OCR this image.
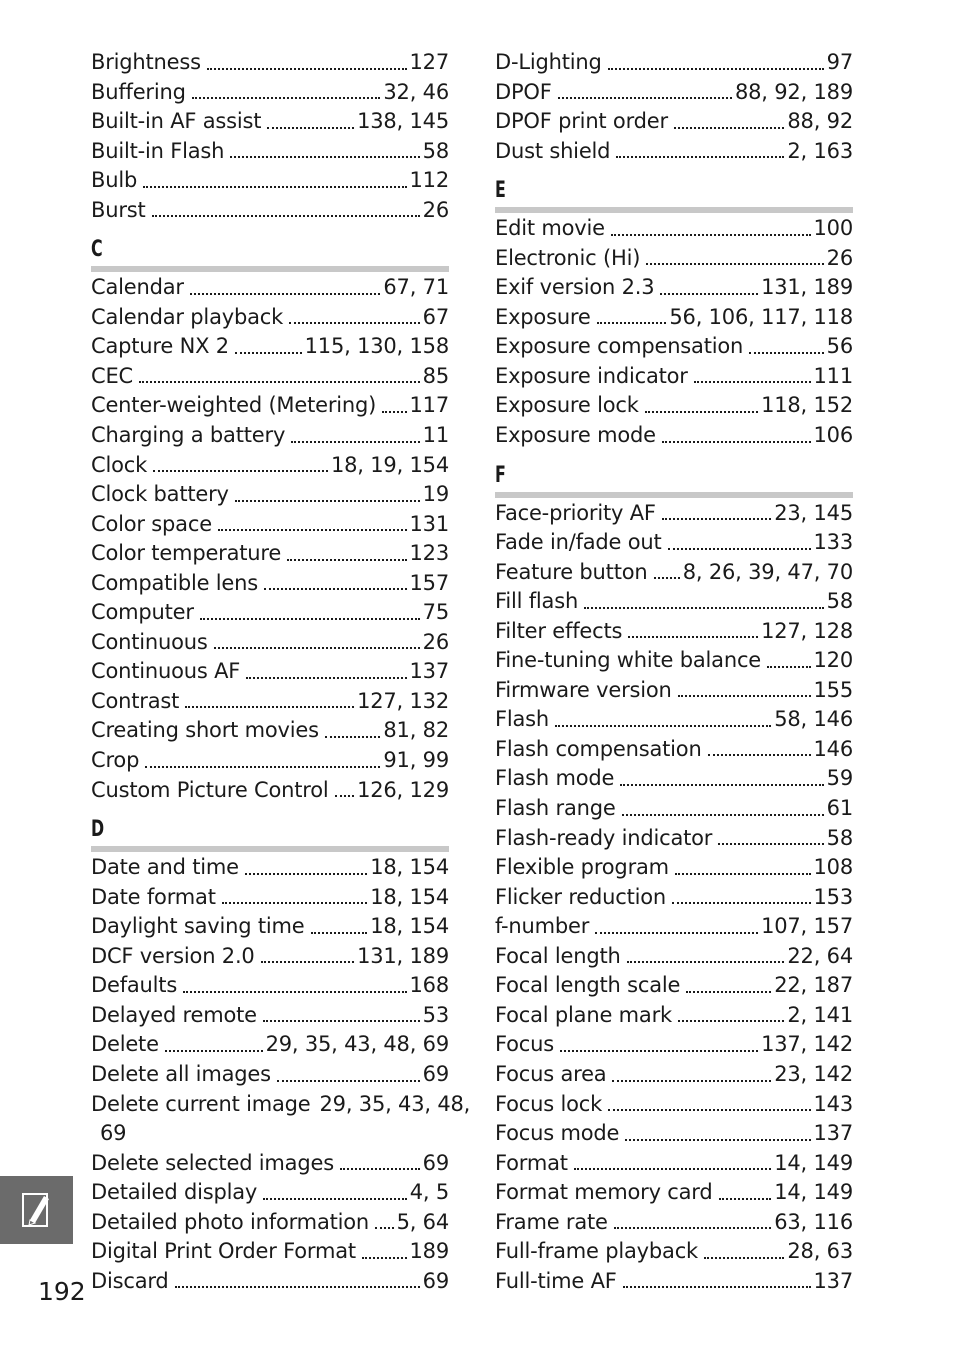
Brightness	127
Buffering	32, 46
Built-in AF assist	138, 145
Built-in Flash	58
Bulb	112
Burst	26
C
Calendar	67, 71
Calendar playback	67
Capture NX 2	115, 130, 158
CEC	85
Center-weighted (Metering) 117
Charging a battery	11
Clock	18, 19, 154
Clock battery	19
Color space	131
Color temperature	123
Compatible lens	157
Computer	75
Continuous	26
Continuous AF	137
Contrast	127, 132
Creating short movies	81, 82
Crop	91, 99
Custom Picture Control 126, 129
D
Date and time	18, 154
Date format	18, 154
Daylight saving time	18, 154
DCF version 2.0	131, 189
Defaults	168
Delayed remote	53
Delete	29, 35, 43, 48, 69
Delete all images	69
Delete current image 29, 35, 43, 48,
69
Delete selected images	69
Detailed display	4, 5
Detailed photo information 5, 64
Digital Print Order Format	189
Discard	69
D-Lighting	97
DPOF	88, 92, 189
DPOF print order	88, 92
Dust shield	2, 163
E
Edit movie	100
Electronic (Hi)	26
Exif version 2.3	131, 189
Exposure	56, 106, 117, 118
Exposure compensation	56
Exposure indicator	111
Exposure lock	118, 152
Exposure mode	106
F
Face-priority AF	23, 145
Fade in/fade out	133
Feature button 8, 26, 39, 47, 70
Fill flash	58
Filter effects	127, 128
Fine-tuning white balance 120
Firmware version	155
Flash	58, 146
Flash compensation	146
Flash mode	59
Flash range	61
Flash-ready indicator	58
Flexible program	108
Flicker reduction	153
f-number	107, 157
Focal length	22, 64
Focal length scale	22, 187
Focal plane mark	2, 141
Focus	137, 142
Focus area	23, 142
Focus lock	143
Focus mode	137
Format	14, 149
Format memory card	14, 149
Frame rate	63, 116
Full-frame playback	28, 63
Full-time AF	137
192
